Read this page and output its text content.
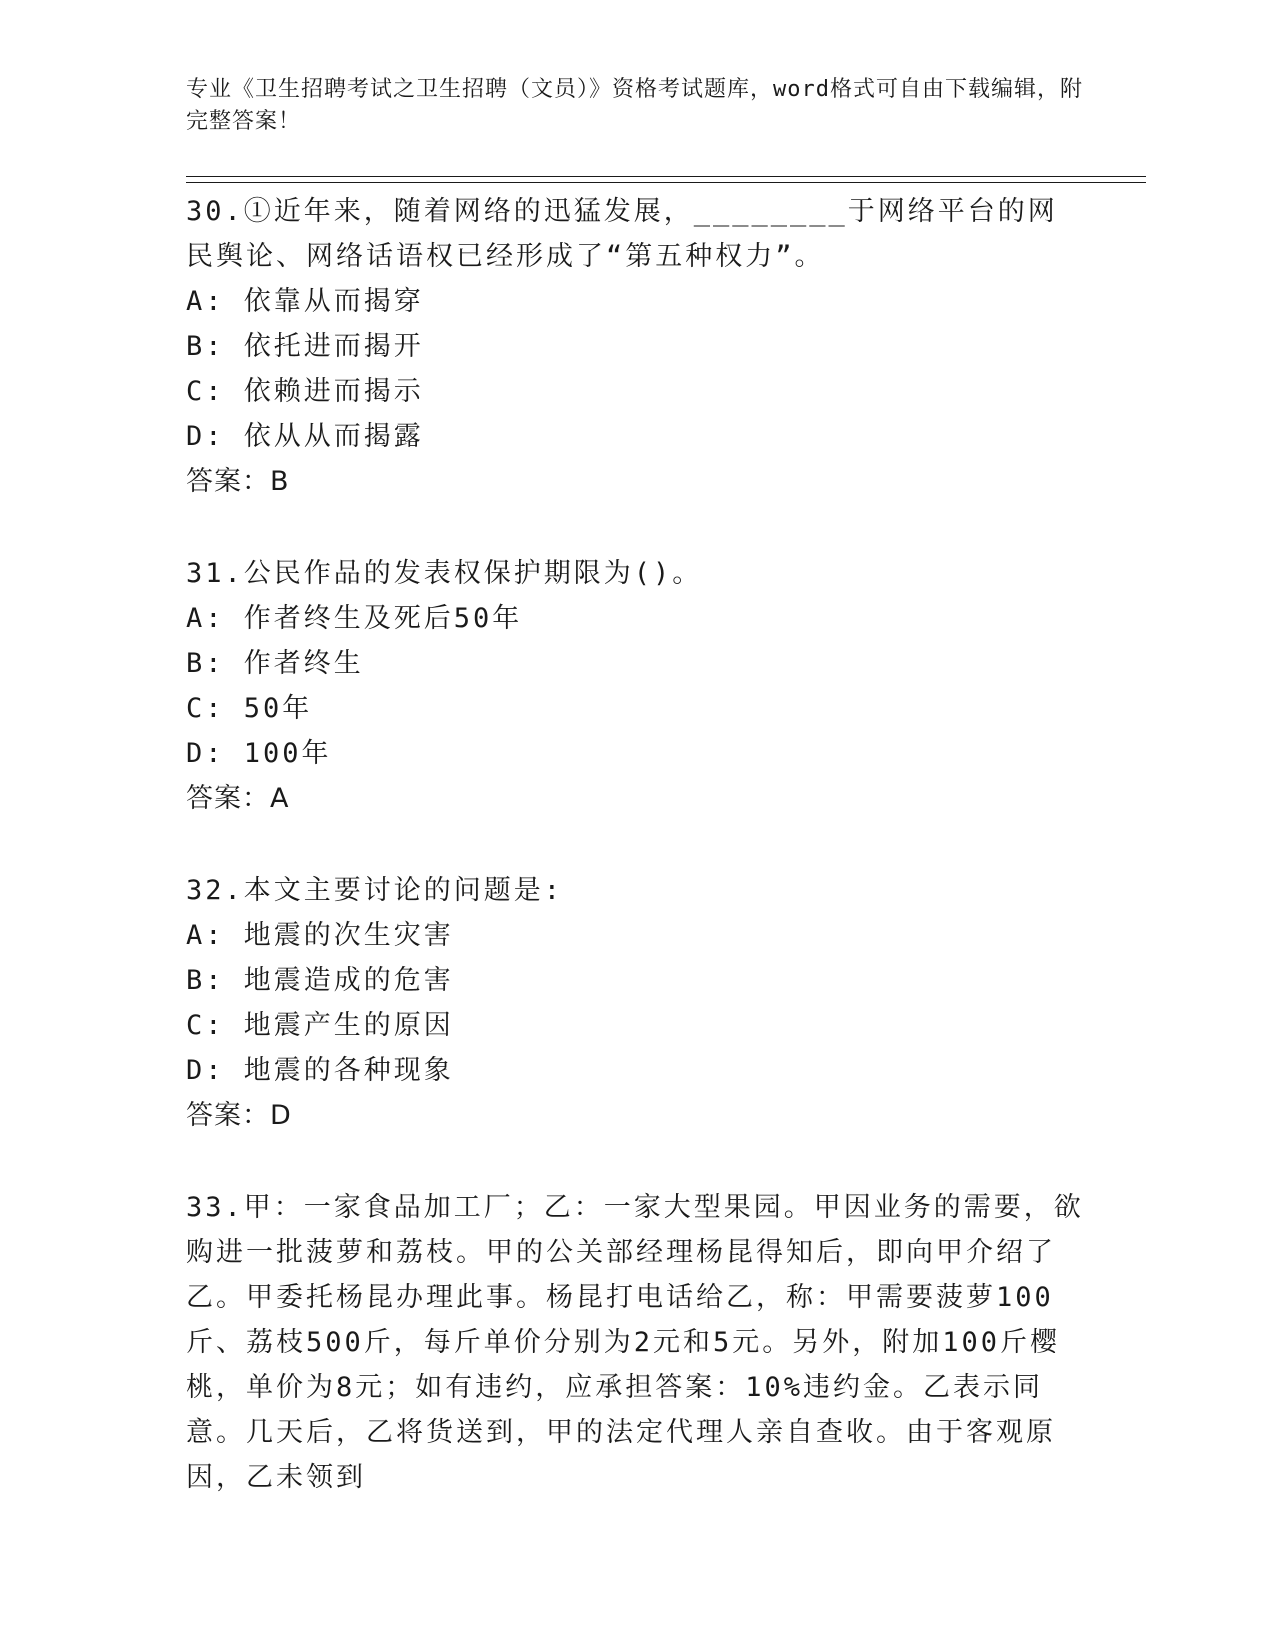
专业《卫生招聘考试之卫生招聘（文员）》资格考试题库，word格式可自由下载编辑，附完整答案！

30.①近年来，随着网络的迅猛发展，________于网络平台的网民舆论、网络话语权已经形成了“第五种权力”。

A: 依靠从而揭穿

B: 依托进而揭开

C: 依赖进而揭示

D: 依从从而揭露

答案：B

31.公民作品的发表权保护期限为()。

A: 作者终生及死后50年

B: 作者终生

C: 50年

D: 100年

答案：A

32.本文主要讨论的问题是:

A: 地震的次生灾害

B: 地震造成的危害

C: 地震产生的原因

D: 地震的各种现象

答案：D

33.甲：一家食品加工厂；乙：一家大型果园。甲因业务的需要，欲购进一批菠萝和荔枝。甲的公关部经理杨昆得知后，即向甲介绍了乙。甲委托杨昆办理此事。杨昆打电话给乙，称：甲需要菠萝100斤、荔枝500斤，每斤单价分别为2元和5元。另外，附加100斤樱桃，单价为8元；如有违约，应承担答案：10%违约金。乙表示同意。几天后，乙将货送到，甲的法定代理人亲自查收。由于客观原因，乙未领到
